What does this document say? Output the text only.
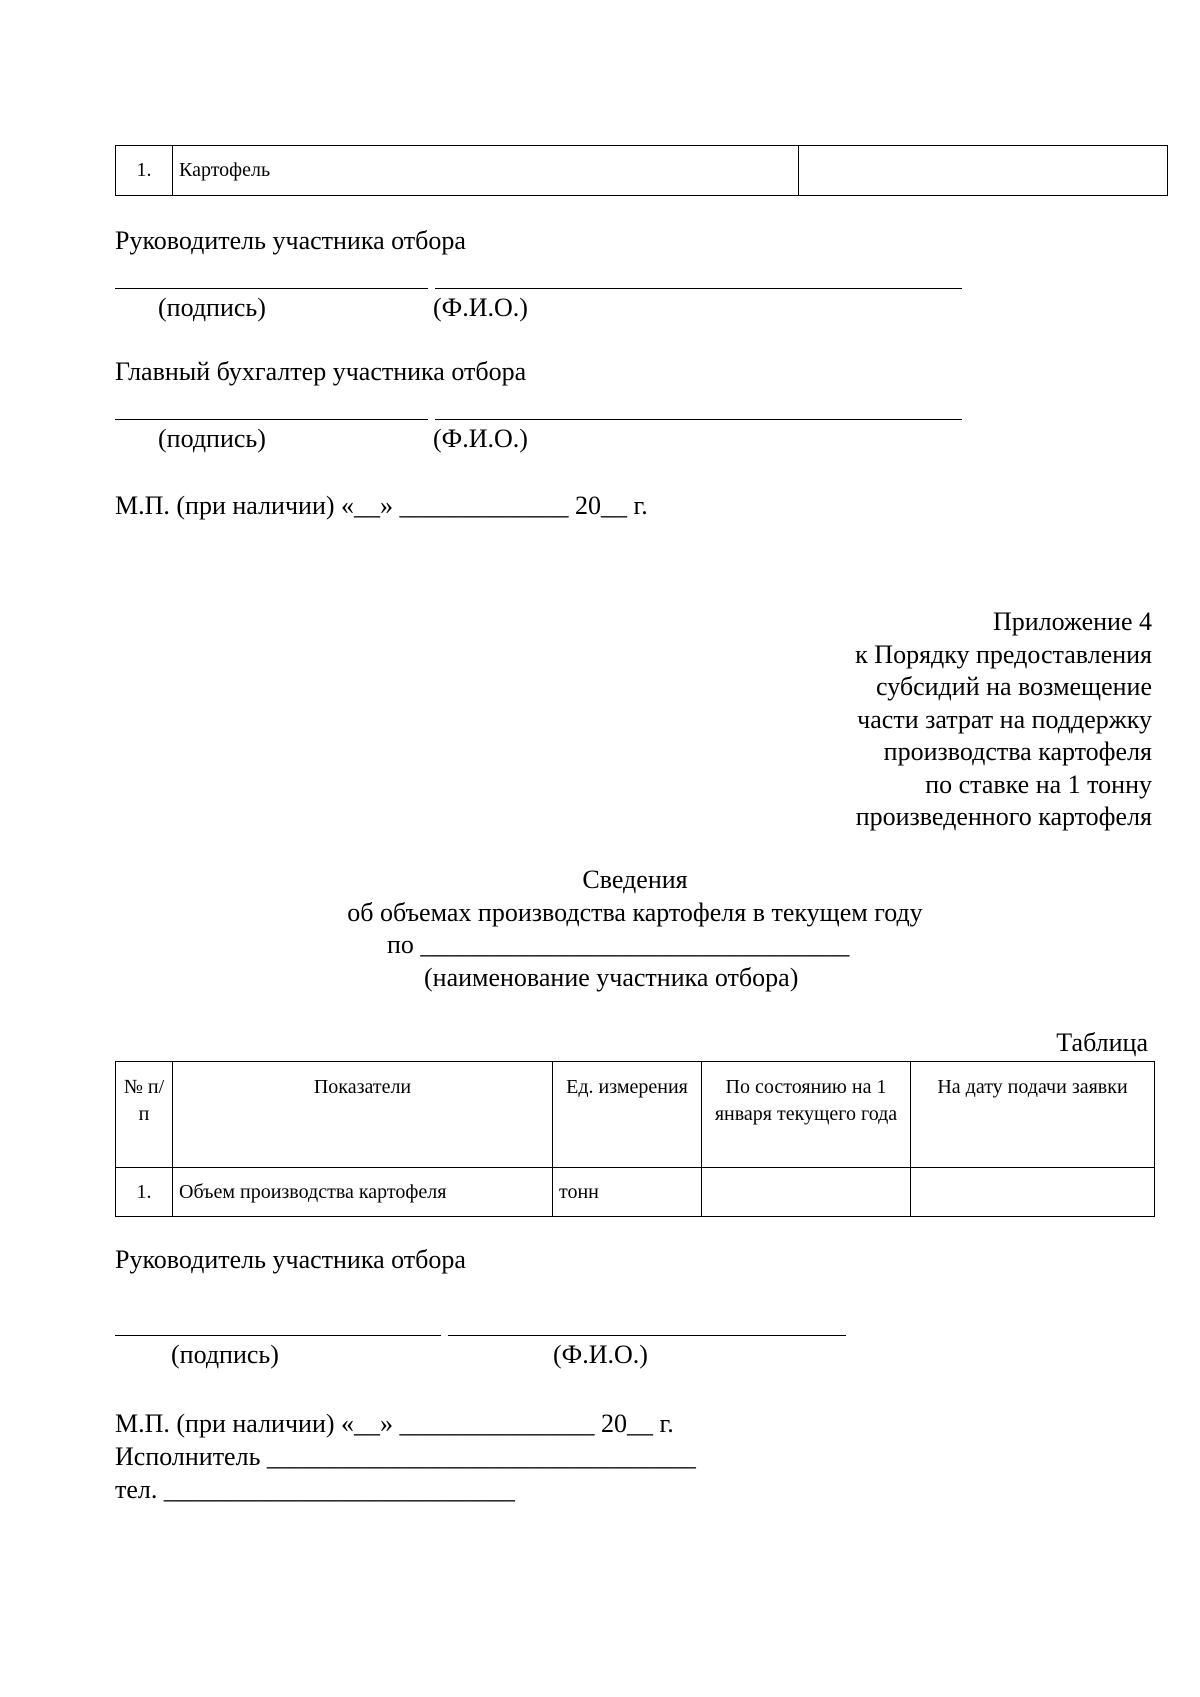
1.	Картофель	
Руководитель участника отбора
(подпись)	(Ф.И.О.)
Главный бухгалтер участника отбора
(подпись)	(Ф.И.О.)
М.П. (при наличии) «__» _____________ 20__ г.
Приложение 4
к Порядку предоставления
субсидий на возмещение
части затрат на поддержку
производства картофеля
по ставке на 1 тонну
произведенного картофеля
Сведения
об объемах производства картофеля в текущем году
по _________________________________
(наименование участника отбора)
Таблица
№ п/п	Показатели	Ед. измерения	По состоянию на 1 января текущего года	На дату подачи заявки
1.	Объем производства картофеля	тонн		
Руководитель участника отбора
(подпись)	(Ф.И.О.)
М.П. (при наличии) «__» _______________ 20__ г.
Исполнитель _________________________________
тел. ___________________________
